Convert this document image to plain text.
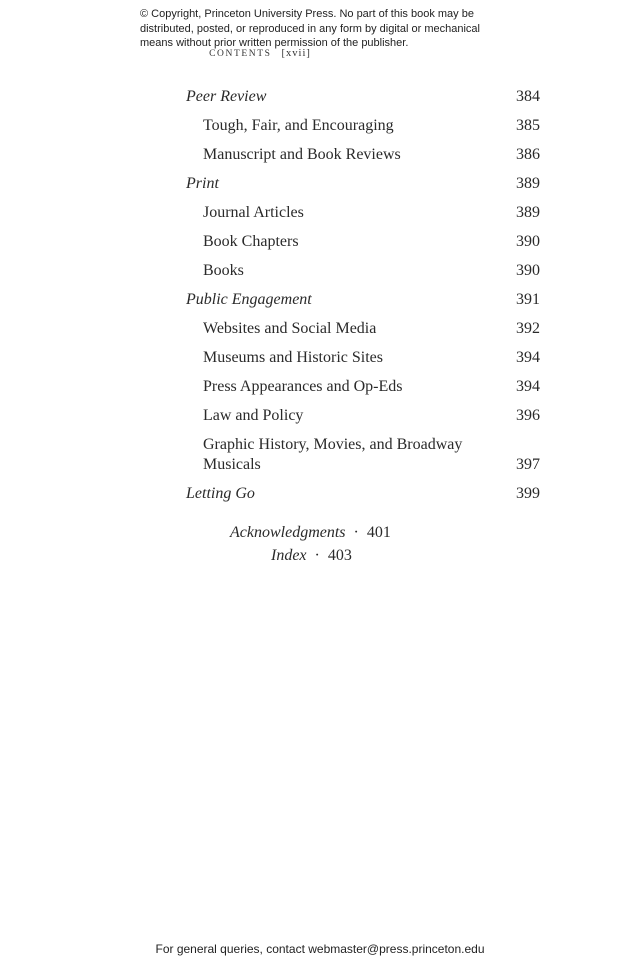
© Copyright, Princeton University Press. No part of this book may be
distributed, posted, or reproduced in any form by digital or mechanical
means without prior written permission of the publisher.
CONTENTS [xvii]
Peer Review	384
Tough, Fair, and Encouraging	385
Manuscript and Book Reviews	386
Print	389
Journal Articles	389
Book Chapters	390
Books	390
Public Engagement	391
Websites and Social Media	392
Museums and Historic Sites	394
Press Appearances and Op-Eds	394
Law and Policy	396
Graphic History, Movies, and Broadway Musicals	397
Letting Go	399
Acknowledgments · 401
Index · 403
For general queries, contact webmaster@press.princeton.edu
